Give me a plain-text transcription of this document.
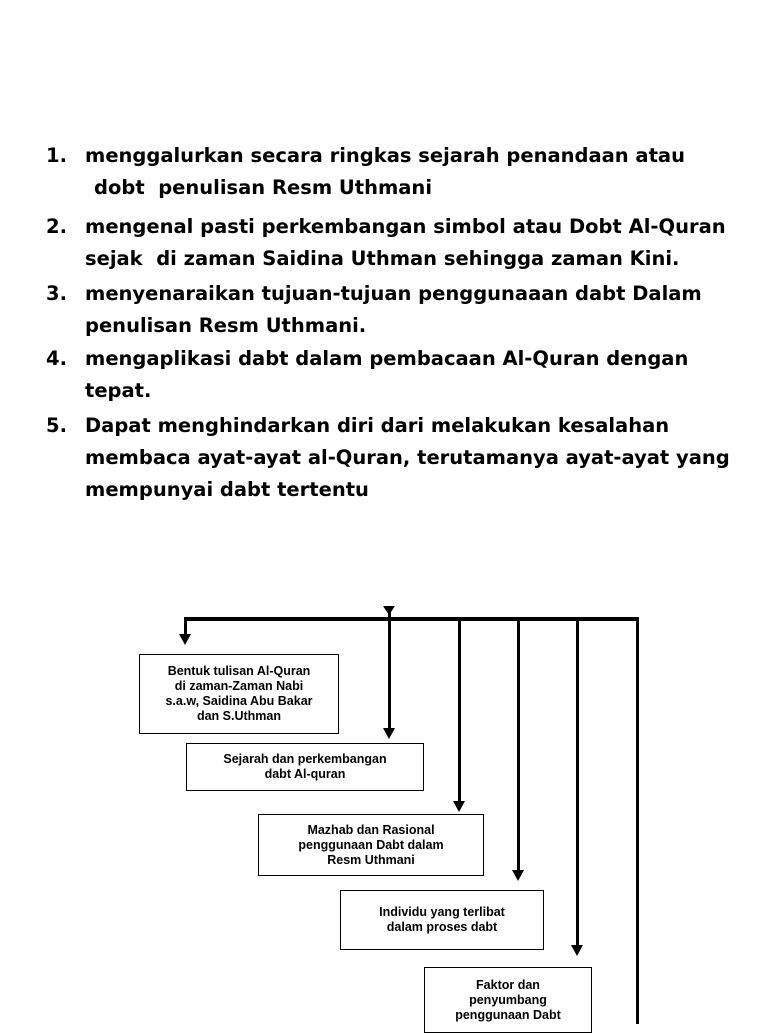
1. menggalurkan secara ringkas sejarah penandaan atau
dobt  penulisan Resm Uthmani
2. mengenal pasti perkembangan simbol atau Dobt Al-Quran
sejak  di zaman Saidina Uthman sehingga zaman Kini.
3. menyenaraikan tujuan-tujuan penggunaaan dabt Dalam
penulisan Resm Uthmani.
4. mengaplikasi dabt dalam pembacaan Al-Quran dengan
tepat.
5. Dapat menghindarkan diri dari melakukan kesalahan
membaca ayat-ayat al-Quran, terutamanya ayat-ayat yang
mempunyai dabt tertentu
Bentuk tulisan Al-Quran
di zaman-Zaman Nabi
s.a.w, Saidina Abu Bakar
dan S.Uthman
Sejarah dan perkembangan
dabt Al-quran
Mazhab dan Rasional
penggunaan Dabt dalam
Resm Uthmani
Individu yang terlibat
dalam proses dabt
Faktor dan
penyumbang
penggunaan Dabt
